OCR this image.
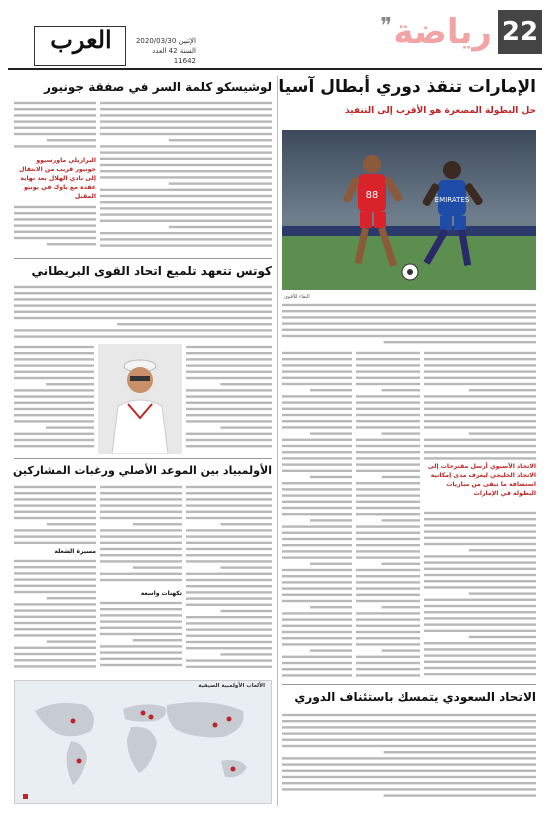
22
رياضة
❞
العرب	الإثنين 2020/03/30
السنة 42 العدد 11642
الإمارات تنقذ دوري أبطال آسيا
حل البطولة المصغرة هو الأقرب إلى التنفيذ
88	EMIRATES
البقاء للأقوى
الاتحاد الآسيوي أرسل مقترحات إلى الاتحاد الخليجي ليعرف مدى إمكانية استضافة ما تبقى من مباريات البطولة في الإمارات
الاتحاد السعودي يتمسك باستئناف الدوري
لوشيسكو كلمة السر في صفقة جونيور
البرازيلي ماورسيوو جونيور قريب من الانتقال إلى نادي الهلال بعد نهاية عقده مع باوك في يونيو المقبل
كوتس تتعهد تلميع اتحاد القوى البريطاني
الأولمبياد بين الموعد الأصلي ورغبات المشاركين
تكهنات واسعة
مسيرة الشعلة
الألعاب الأولمبية الصيفية
